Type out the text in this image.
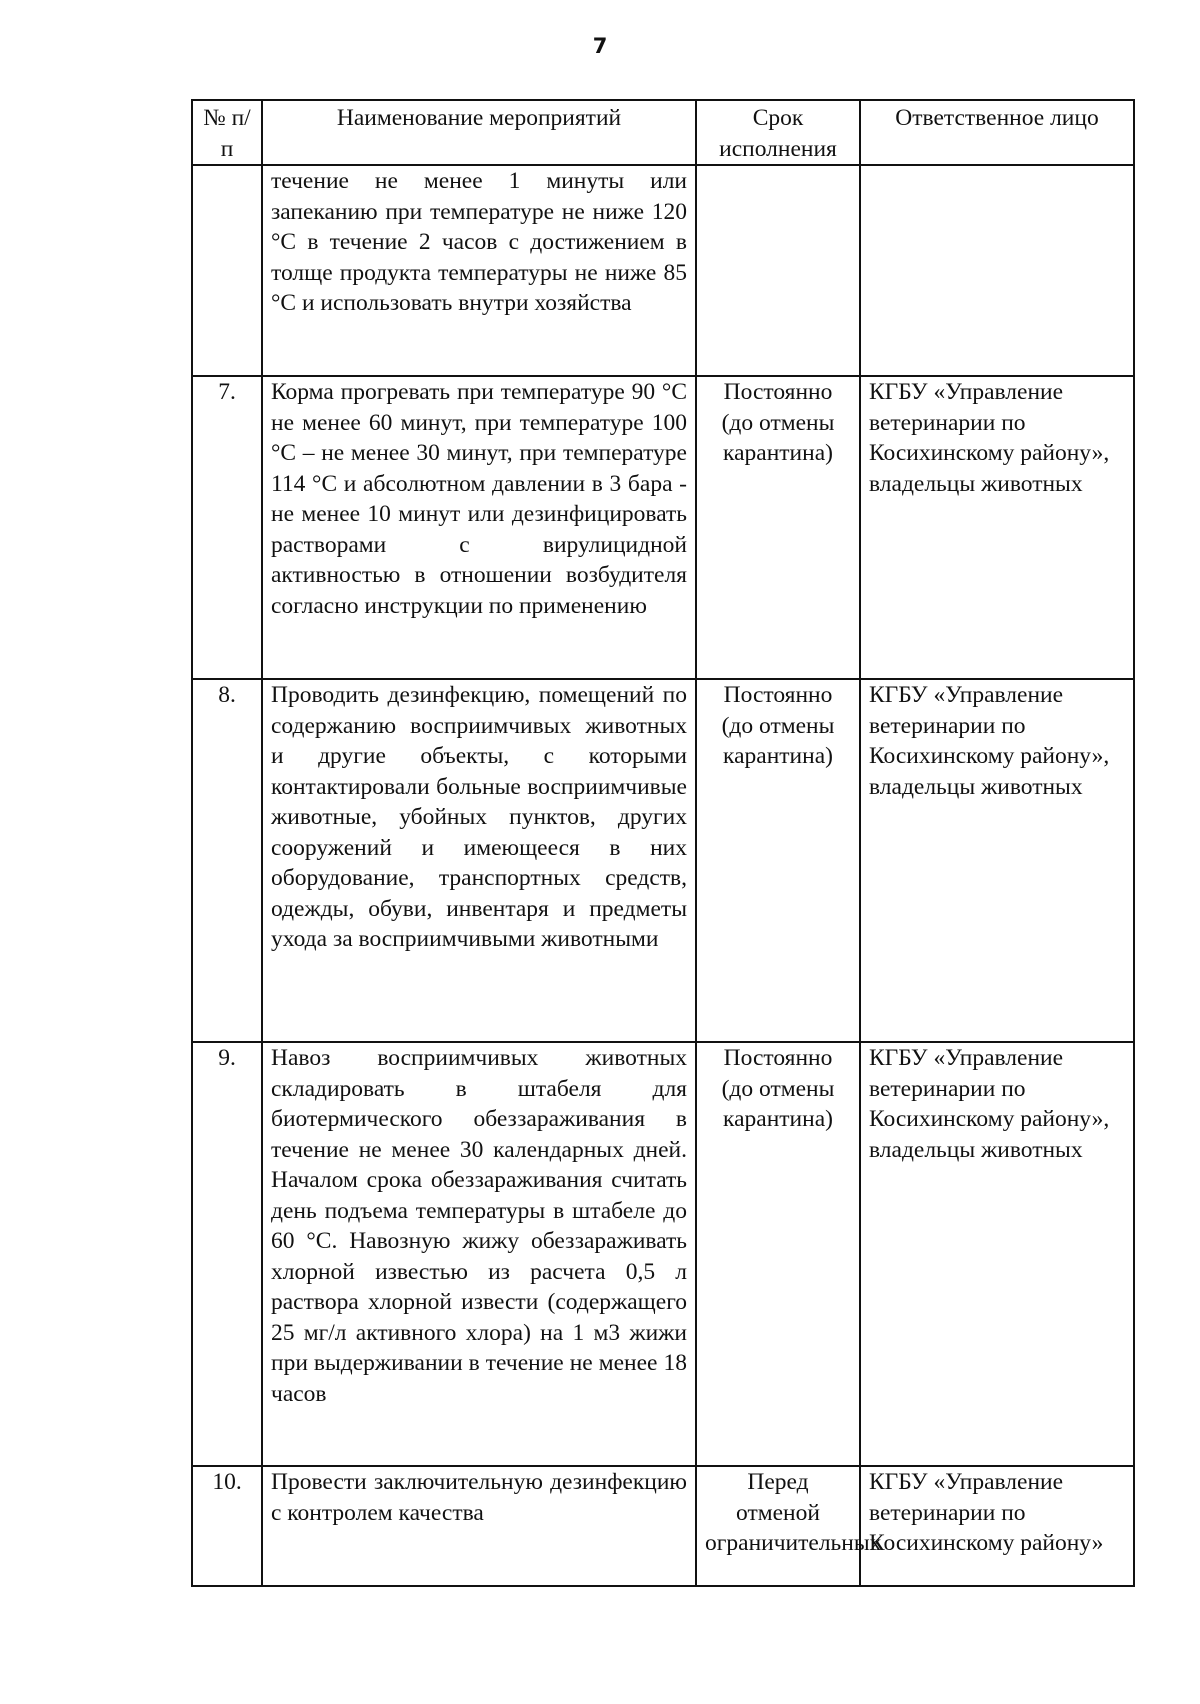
7
№ п/п	Наименование мероприятий	Срок исполнения	Ответственное лицо
	течение не менее 1 минуты или запеканию при температуре не ниже 120 °С в течение 2 часов с достижением в толще продукта температуры не ниже 85 °С и использовать внутри хозяйства		
7.	Корма прогревать при температуре 90 °С не менее 60 минут, при температуре 100 °С – не менее 30 минут, при температуре 114 °С и абсолютном давлении в 3 бара - не менее 10 минут или дезинфицировать растворами с вирулицидной активностью в отношении возбудителя согласно инструкции по применению	Постоянно (до отмены карантина)	КГБУ «Управление ветеринарии по Косихинскому району», владельцы животных
8.	Проводить дезинфекцию, помещений по содержанию восприимчивых животных и другие объекты, с которыми контактировали больные восприимчивые животные, убойных пунктов, других сооружений и имеющееся в них оборудование, транспортных средств, одежды, обуви, инвентаря и предметы ухода за восприимчивыми животными	Постоянно (до отмены карантина)	КГБУ «Управление ветеринарии по Косихинскому району», владельцы животных
9.	Навоз восприимчивых животных складировать в штабеля для биотермического обеззараживания в течение не менее 30 календарных дней. Началом срока обеззараживания считать день подъема температуры в штабеле до 60 °С. Навозную жижу обеззараживать хлорной известью из расчета 0,5 л раствора хлорной извести (содержащего 25 мг/л активного хлора) на 1 м3 жижи при выдерживании в течение не менее 18 часов	Постоянно (до отмены карантина)	КГБУ «Управление ветеринарии по Косихинскому району», владельцы животных
10.	Провести заключительную дезинфекцию с контролем качества	Перед отменой ограничительных	КГБУ «Управление ветеринарии по Косихинскому району»
